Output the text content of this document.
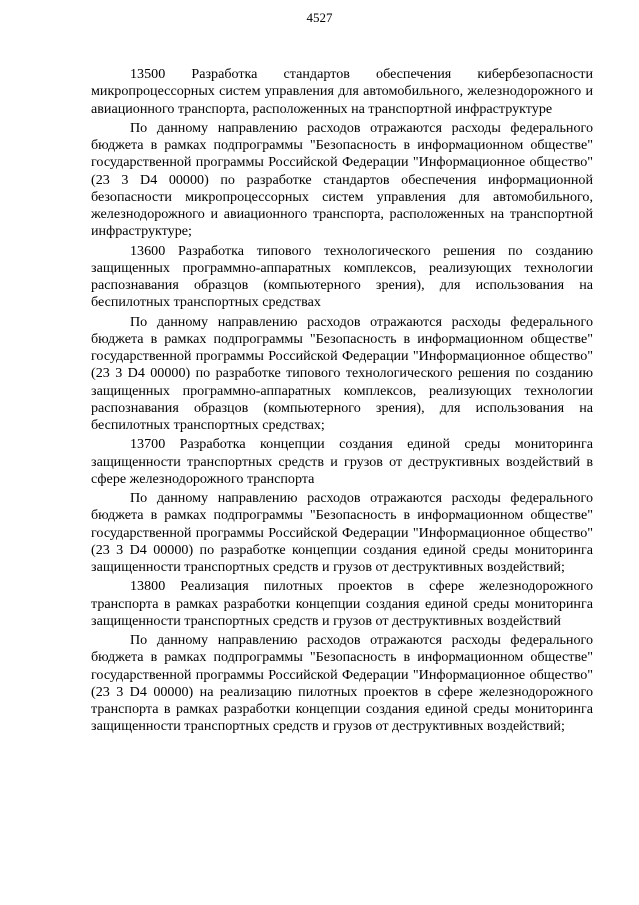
4527

13500 Разработка стандартов обеспечения кибербезопасности микропроцессорных систем управления для автомобильного, железнодорожного и авиационного транспорта, расположенных на транспортной инфраструктуре

По данному направлению расходов отражаются расходы федерального бюджета в рамках подпрограммы "Безопасность в информационном обществе" государственной программы Российской Федерации "Информационное общество" (23 3 D4 00000) по разработке стандартов обеспечения информационной безопасности микропроцессорных систем управления для автомобильного, железнодорожного и авиационного транспорта, расположенных на транспортной инфраструктуре;

13600 Разработка типового технологического решения по созданию защищенных программно-аппаратных комплексов, реализующих технологии распознавания образцов (компьютерного зрения), для использования на беспилотных транспортных средствах

По данному направлению расходов отражаются расходы федерального бюджета в рамках подпрограммы "Безопасность в информационном обществе" государственной программы Российской Федерации "Информационное общество" (23 3 D4 00000) по разработке типового технологического решения по созданию защищенных программно-аппаратных комплексов, реализующих технологии распознавания образцов (компьютерного зрения), для использования на беспилотных транспортных средствах;

13700 Разработка концепции создания единой среды мониторинга защищенности транспортных средств и грузов от деструктивных воздействий в сфере железнодорожного транспорта

По данному направлению расходов отражаются расходы федерального бюджета в рамках подпрограммы "Безопасность в информационном обществе" государственной программы Российской Федерации "Информационное общество" (23 3 D4 00000) по разработке концепции создания единой среды мониторинга защищенности транспортных средств и грузов от деструктивных воздействий;

13800 Реализация пилотных проектов в сфере железнодорожного транспорта в рамках разработки концепции создания единой среды мониторинга защищенности транспортных средств и грузов от деструктивных воздействий

По данному направлению расходов отражаются расходы федерального бюджета в рамках подпрограммы "Безопасность в информационном обществе" государственной программы Российской Федерации "Информационное общество" (23 3 D4 00000) на реализацию пилотных проектов в сфере железнодорожного транспорта в рамках разработки концепции создания единой среды мониторинга защищенности транспортных средств и грузов от деструктивных воздействий;
